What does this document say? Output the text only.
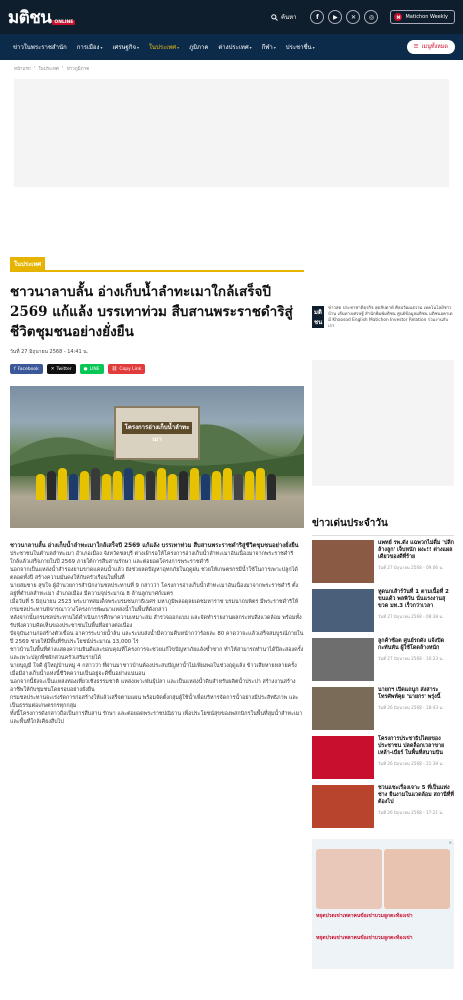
มติชน ONLINE
ค้นหา	f	▶	✕	◎	M	Matichon Weekly
ข่าวในพระราชสำนัก การเมือง ▾ เศรษฐกิจ ▾ ในประเทศ ▾ ภูมิภาค ต่างประเทศ ▾ กีฬา ▾ ประชาชื่น ▾	☰ เมนูทั้งหมด
หน้าแรก › ในประเทศ › ข่าวภูมิภาค
ในประเทศ
ชาวนาลาบลั้น อ่างเก็บน้ำลำทะเมาใกล้เสร็จปี 2569 แก้แล้ง บรรเทาท่วม สืบสานพระราชดำริสู่ชีวิตชุมชนอย่างยั่งยืน
วันที่ 27 มิถุนายน 2568 - 14:41 น.
f Facebook	✕ Twitter	● LINE	⛓ Copy Link
โครงการอ่างเก็บน้ำลำทะเมา
ชาวนาลาบลั้น อ่างเก็บน้ำลำทะเมาใกล้เสร็จปี 2569 แก้แล้ง บรรเทาท่วม สืบสานพระราชดำริสู่ชีวิตชุมชนอย่างยั่งยืน

ประชาชนในตำบลลำทะเมา อำเภอเมือง จังหวัดชลบุรี ต่างเฝ้ารอให้โครงการอ่างเก็บน้ำลำทะเมาอันเนื่องมาจากพระราชดำริ ใกล้แล้วเสร็จภายในปี 2569 ภายใต้การสืบสานรักษา และต่อยอดโครงการพระราชดำริ

นอกจากเป็นแหล่งน้ำสำรองยามขาดแคลนน้ำแล้ว ยังช่วยลดปัญหาอุทกภัยในฤดูฝน ช่วยให้เกษตรกรมีน้ำใช้ในการเพาะปลูกได้ตลอดทั้งปี สร้างความมั่นคงให้กับครัวเรือนในพื้นที่

นายสมชาย สุขใจ ผู้อำนวยการสำนักงานชลประทานที่ 9 กล่าวว่า โครงการอ่างเก็บน้ำลำทะเมาอันเนื่องมาจากพระราชดำริ ตั้งอยู่ที่ตำบลลำทะเมา อำเภอเมือง มีความจุประมาณ 8 ล้านลูกบาศก์เมตร

เมื่อวันที่ 5 มิถุนายน 2523 พระบาทสมเด็จพระบรมชนกาธิเบศร มหาภูมิพลอดุลยเดชมหาราช บรมนาถบพิตร มีพระราชดำริให้กรมชลประทานพิจารณาวางโครงการพัฒนาแหล่งน้ำในพื้นที่ดังกล่าว

หลังจากนั้นกรมชลประทานได้ดำเนินการศึกษาความเหมาะสม สำรวจออกแบบ และจัดทำรายงานผลกระทบสิ่งแวดล้อม พร้อมทั้งรับฟังความคิดเห็นของประชาชนในพื้นที่อย่างต่อเนื่อง

ปัจจุบันงานก่อสร้างตัวเขื่อน อาคารระบายน้ำล้น และระบบส่งน้ำมีความคืบหน้ากว่าร้อยละ 80 คาดว่าจะแล้วเสร็จสมบูรณ์ภายในปี 2569 ช่วยให้มีพื้นที่รับประโยชน์ประมาณ 13,000 ไร่

ชาวบ้านในพื้นที่ต่างแสดงความยินดีและขอบคุณที่โครงการจะช่วยแก้ไขปัญหาภัยแล้งซ้ำซาก ทำให้สามารถทำนาได้ปีละสองครั้ง และเพาะปลูกพืชผักสวนครัวเสริมรายได้

นายบุญมี ใจดี ผู้ใหญ่บ้านหมู่ 4 กล่าวว่า ที่ผ่านมาชาวบ้านต้องประสบปัญหาน้ำไม่เพียงพอในช่วงฤดูแล้ง ข้าวเสียหายหลายครั้ง เมื่อมีอ่างเก็บน้ำแห่งนี้ชีวิตความเป็นอยู่จะดีขึ้นอย่างแน่นอน

นอกจากนี้ยังจะเป็นแหล่งท่องเที่ยวเชิงธรรมชาติ แหล่งเพาะพันธุ์ปลา และเป็นแหล่งน้ำดิบสำหรับผลิตน้ำประปา สร้างงานสร้างอาชีพให้กับชุมชนโดยรอบอย่างยั่งยืน

กรมชลประทานจะเร่งรัดการก่อสร้างให้แล้วเสร็จตามแผน พร้อมจัดตั้งกลุ่มผู้ใช้น้ำเพื่อบริหารจัดการน้ำอย่างมีประสิทธิภาพ และเป็นธรรมต่อเกษตรกรทุกกลุ่ม

ทั้งนี้โครงการดังกล่าวถือเป็นการสืบสาน รักษา และต่อยอดพระราชปณิธาน เพื่อประโยชน์สุขของพสกนิกรในพื้นที่ลุ่มน้ำลำทะเมาและพื้นที่ใกล้เคียงสืบไป

มติชน
ข่าวสด ประชาชาติธุรกิจ สุดสัปดาห์ ศิลปวัฒนธรรม เทคโนโลยีชาวบ้าน เส้นทางเศรษฐี สำนักพิมพ์มติชน ศูนย์ข้อมูลมติชน มติชนอคาเดมี Khaosod English Matichon Investor Relation ร่วมงานกับเรา
ข่าวเด่นประจำวัน
แพทย์ รพ.ดัง แฉพวกไม่ดื่ม 'ปลีกล้างลูก' เจ็บหนัก ผงะ!! ต่างแผลเดียวของดีที่ร้าย
วันที่ 27 มิถุนายน 2568 - 09:06 น.
หูดนกเส้าร์วันที่ 1 ตามเนื้อที่ 2 ขนแด้ว พลพิวัน นั่นแรงงานสุขวด มท.3 เร็วกว่าเวลา
วันที่ 27 มิถุนายน 2568 - 08:38 น.
ลูกค้าซ้อต ศูนย์รถดัง แจ้งปิดกะทันหัน ผู้ใช้โดดล้างหนัก
วันที่ 27 มิถุนายน 2568 - 10:23 น.
นายกฯ เปิดแถนูก ส่งสาระ โทรศัพท์คุย 'นายกร' พรุ่งนี้
วันที่ 26 มิถุนายน 2568 - 18:43 น.
โครงการประชาธิปไตยของประชาชน ปลดล็อกเวลาขาย เหล้า-เบียร์ ในพื้นที่สนามบิน
วันที่ 26 มิถุนายน 2568 - 21:38 น.
ชวนแชะเรื่องเจาะ 5 ที่เป็นแท่งช่าง ยืนงามในแวดล้อม สถานีที่ที่ต้องไป
วันที่ 26 มิถุนายน 2568 - 17:21 น.
✕
หยุดปวดเข่าเพลาคนข้อเข่าบวมลูกตะท้องเข่า
หยุดปวดเข่าเพลาคนข้อเข่าบวมลูกตะท้องเข่า
